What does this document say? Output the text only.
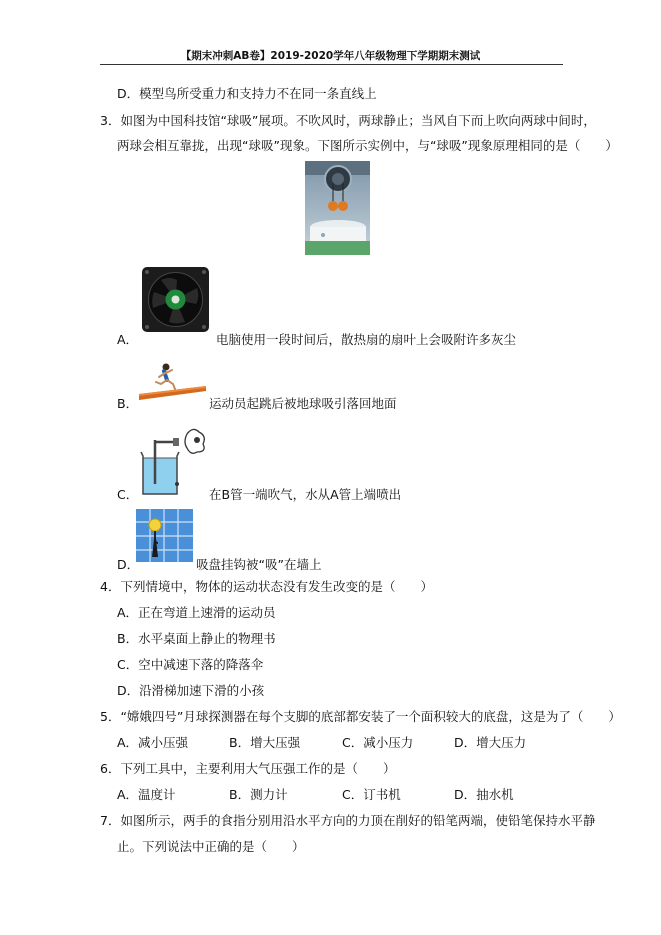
【期末冲刺AB卷】2019-2020学年八年级物理下学期期末测试
D．模型鸟所受重力和支持力不在同一条直线上
3．如图为中国科技馆“球吸”展项。不吹风时，两球静止；当风自下而上吹向两球中间时，
两球会相互靠拢，出现“球吸”现象。下图所示实例中，与“球吸”现象原理相同的是（　　）
A．	电脑使用一段时间后，散热扇的扇叶上会吸附许多灰尘
B．	运动员起跳后被地球吸引落回地面
C．	在B管一端吹气，水从A管上端喷出
D．	吸盘挂钩被“吸”在墙上
4．下列情境中，物体的运动状态没有发生改变的是（　　）
A．正在弯道上速滑的运动员
B．水平桌面上静止的物理书
C．空中减速下落的降落伞
D．沿滑梯加速下滑的小孩
5．“嫦娥四号”月球探测器在每个支脚的底部都安装了一个面积较大的底盘，这是为了（　　）
A．减小压强	B．增大压强	C．减小压力	D．增大压力
6．下列工具中，主要利用大气压强工作的是（　　）
A．温度计	B．测力计	C．订书机	D．抽水机
7．如图所示，两手的食指分别用沿水平方向的力顶在削好的铅笔两端，使铅笔保持水平静
止。下列说法中正确的是（　　）
